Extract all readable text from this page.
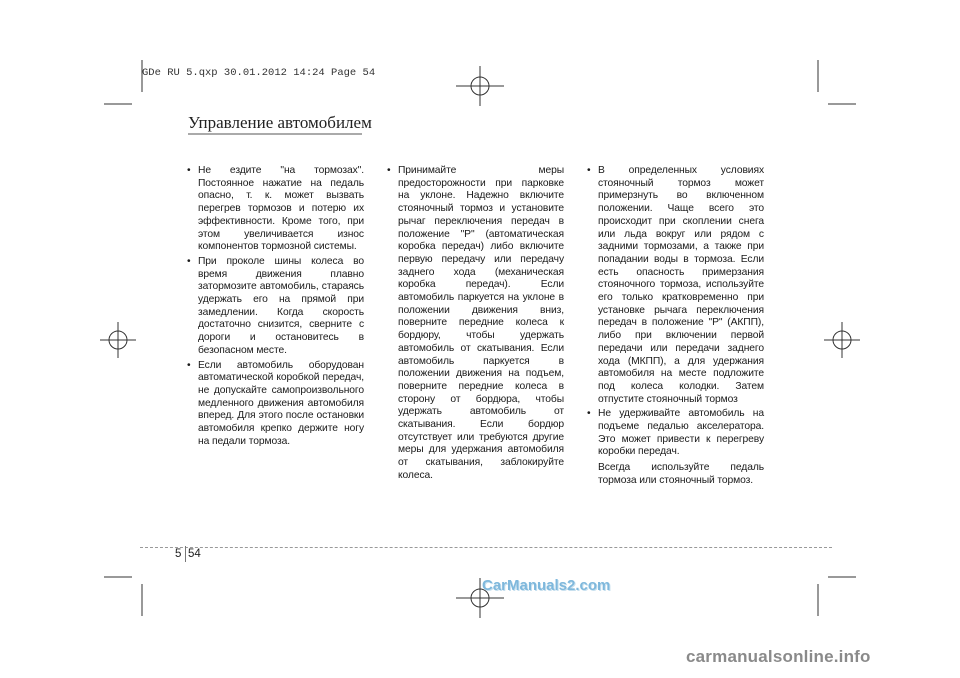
GDe RU 5.qxp 30.01.2012 14:24 Page 54
Управление автомобилем
• Не ездите "на тормозах". Постоянное нажатие на педаль опасно, т. к. может вызвать перегрев тормозов и потерю их эффективности. Кроме того, при этом увеличивается износ компонентов тормозной системы.
• При проколе шины колеса во время движения плавно затормозите автомобиль, стараясь удержать его на прямой при замедлении. Когда скорость достаточно снизится, сверните с дороги и остановитесь в безопасном месте.
• Если автомобиль оборудован автоматической коробкой передач, не допускайте самопроизвольного медленного движения автомобиля вперед. Для этого после остановки автомобиля крепко держите ногу на педали тормоза.
• Принимайте меры предосторожности при парковке на уклоне. Надежно включите стояночный тормоз и установите рычаг переключения передач в положение "P" (автоматическая коробка передач) либо включите первую передачу или передачу заднего хода (механическая коробка передач). Если автомобиль паркуется на уклоне в положении движения вниз, поверните передние колеса к бордюру, чтобы удержать автомобиль от скатывания. Если автомобиль паркуется в положении движения на подъем, поверните передние колеса в сторону от бордюра, чтобы удержать автомобиль от скатывания. Если бордюр отсутствует или требуются другие меры для удержания автомобиля от скатывания, заблокируйте колеса.
• В определенных условиях стояночный тормоз может примерзнуть во включенном положении. Чаще всего это происходит при скоплении снега или льда вокруг или рядом с задними тормозами, а также при попадании воды в тормоза. Если есть опасность примерзания стояночного тормоза, используйте его только кратковременно при установке рычага переключения передач в положение "P" (АКПП), либо при включении первой передачи или передачи заднего хода (МКПП), а для удержания автомобиля на месте подложите под колеса колодки. Затем отпустите стояночный тормоз
• Не удерживайте автомобиль на подъеме педалью акселератора. Это может привести к перегреву коробки передач.

Всегда используйте педаль тормоза или стояночный тормоз.

5 54
CarManuals2.com
carmanualsonline.info
